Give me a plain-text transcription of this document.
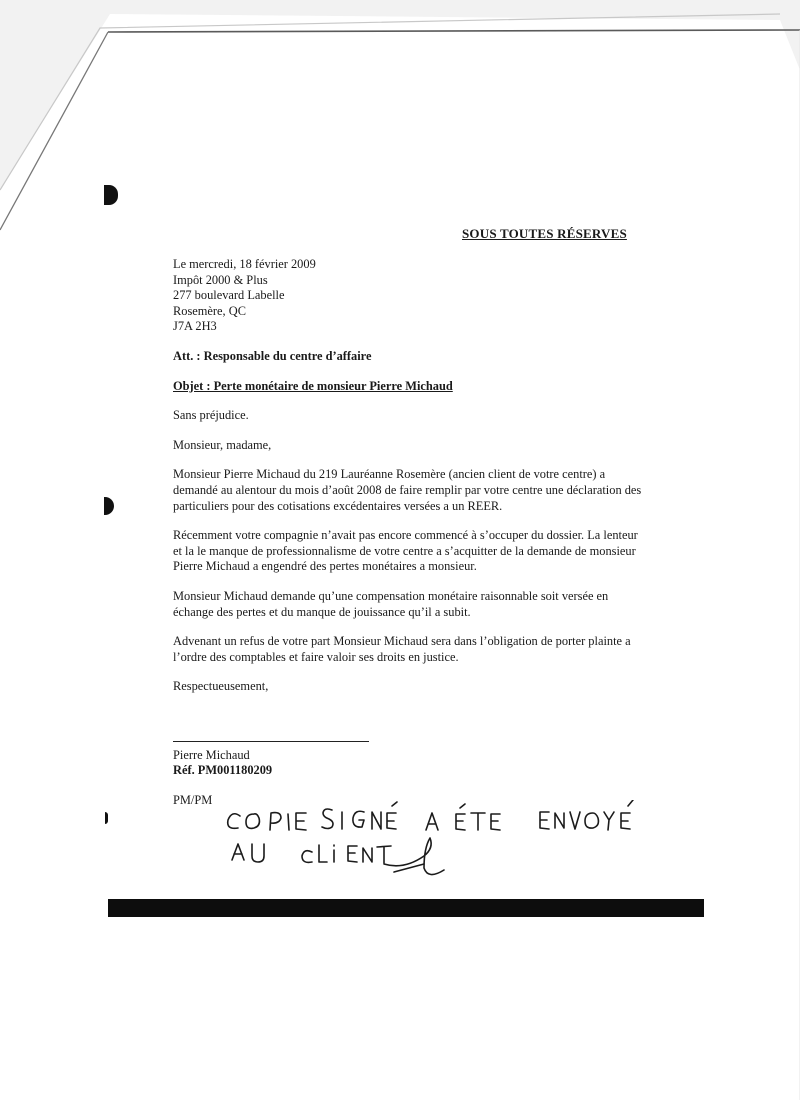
SOUS TOUTES RÉSERVES

Le mercredi, 18 février 2009

Impôt 2000 & Plus

277 boulevard Labelle

Rosemère, QC

J7A 2H3

Att. : Responsable du centre d’affaire

Objet : Perte monétaire de monsieur Pierre Michaud

Sans préjudice.

Monsieur, madame,

Monsieur Pierre Michaud du 219 Lauréanne Rosemère (ancien client de votre centre) a demandé au alentour du mois d’août 2008 de faire remplir par votre centre une déclaration des particuliers pour des cotisations excédentaires versées a un REER.

Récemment votre compagnie n’avait pas encore commencé à s’occuper du dossier. La lenteur et la le manque de professionnalisme de votre centre a s’acquitter de la demande de monsieur Pierre Michaud a engendré des pertes monétaires a monsieur.

Monsieur Michaud demande qu’une compensation monétaire raisonnable soit versée en échange des pertes et du manque de jouissance qu’il a subit.

Advenant un refus de votre part Monsieur Michaud sera dans l’obligation de porter plainte a l’ordre des comptables et faire valoir ses droits en justice.

Respectueusement,

Pierre Michaud

Réf. PM001180209

PM/PM
